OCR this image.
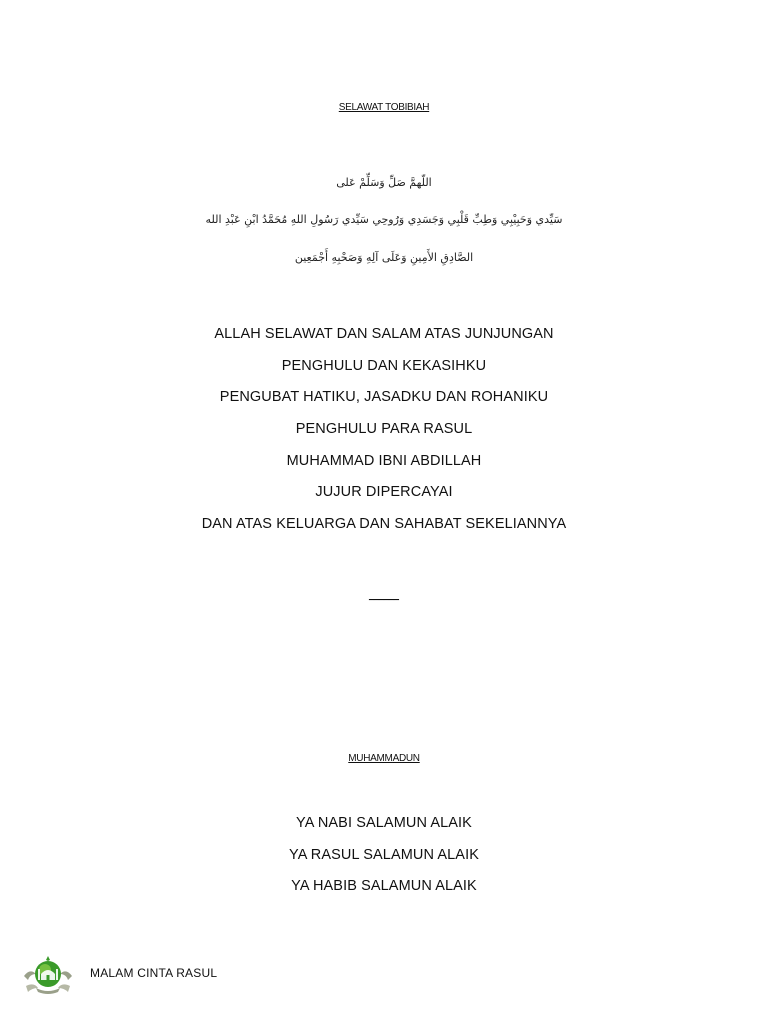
SELAWAT TOBIBIAH
اللّهمَّ صَلِّ وَسَلِّمْ عَلى
سَيِّدي وَحَبِيْبِي وَطِبِّ قَلْبِي وَجَسَدِي وَرُوحِي سَيِّدي رَسُولِ اللهِ مُحَمَّدُ ابْنِ عَبْدِ الله
الصَّادِقِ الأَمِينِ وَعَلَى آلِهِ وَصَحْبِهِ أَجْمَعِين
ALLAH SELAWAT DAN SALAM ATAS JUNJUNGAN
PENGHULU DAN KEKASIHKU
PENGUBAT HATIKU, JASADKU DAN ROHANIKU
PENGHULU PARA RASUL
MUHAMMAD IBNI ABDILLAH
JUJUR DIPERCAYAI
DAN ATAS KELUARGA DAN SAHABAT SEKELIANNYA
______
MUHAMMADUN
YA NABI SALAMUN ALAIK
YA RASUL SALAMUN ALAIK
YA HABIB SALAMUN ALAIK
MALAM CINTA RASUL
